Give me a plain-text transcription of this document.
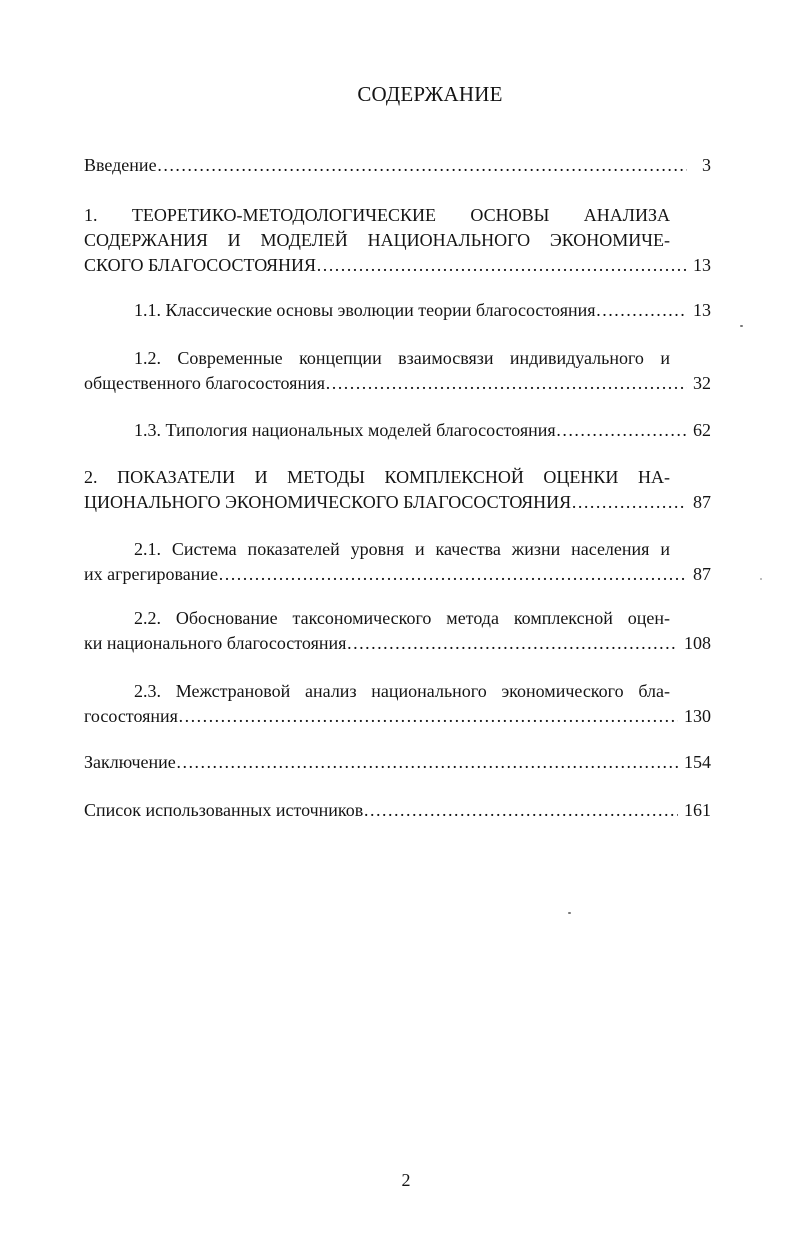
СОДЕРЖАНИЕ
Введение ……………………………………………………………………………………………………………………………………………………………………………	3
1. ТЕОРЕТИКО-МЕТОДОЛОГИЧЕСКИЕ ОСНОВЫ АНАЛИЗА
СОДЕРЖАНИЯ И МОДЕЛЕЙ НАЦИОНАЛЬНОГО ЭКОНОМИЧЕ-
СКОГО БЛАГОСОСТОЯНИЯ ……………………………………………………………………………………………………………………………………………………………………………	13
1.1. Классические основы эволюции теории благосостояния ……………………………………………………………………………………………………………………………………………………………………………	13
1.2. Современные концепции взаимосвязи индивидуального и
общественного благосостояния ……………………………………………………………………………………………………………………………………………………………………………	32
1.3. Типология национальных моделей благосостояния ……………………………………………………………………………………………………………………………………………………………………………	62
2. ПОКАЗАТЕЛИ И МЕТОДЫ КОМПЛЕКСНОЙ ОЦЕНКИ НА-
ЦИОНАЛЬНОГО ЭКОНОМИЧЕСКОГО БЛАГОСОСТОЯНИЯ ……………………………………………………………………………………………………………………………………………………………………………	87
2.1. Система показателей уровня и качества жизни населения и
их агрегирование ……………………………………………………………………………………………………………………………………………………………………………	87
2.2. Обоснование таксономического метода комплексной оцен-
ки национального благосостояния ……………………………………………………………………………………………………………………………………………………………………………	108
2.3. Межстрановой анализ национального экономического бла-
госостояния ……………………………………………………………………………………………………………………………………………………………………………	130
Заключение ……………………………………………………………………………………………………………………………………………………………………………	154
Список использованных источников ……………………………………………………………………………………………………………………………………………………………………………	161
2
